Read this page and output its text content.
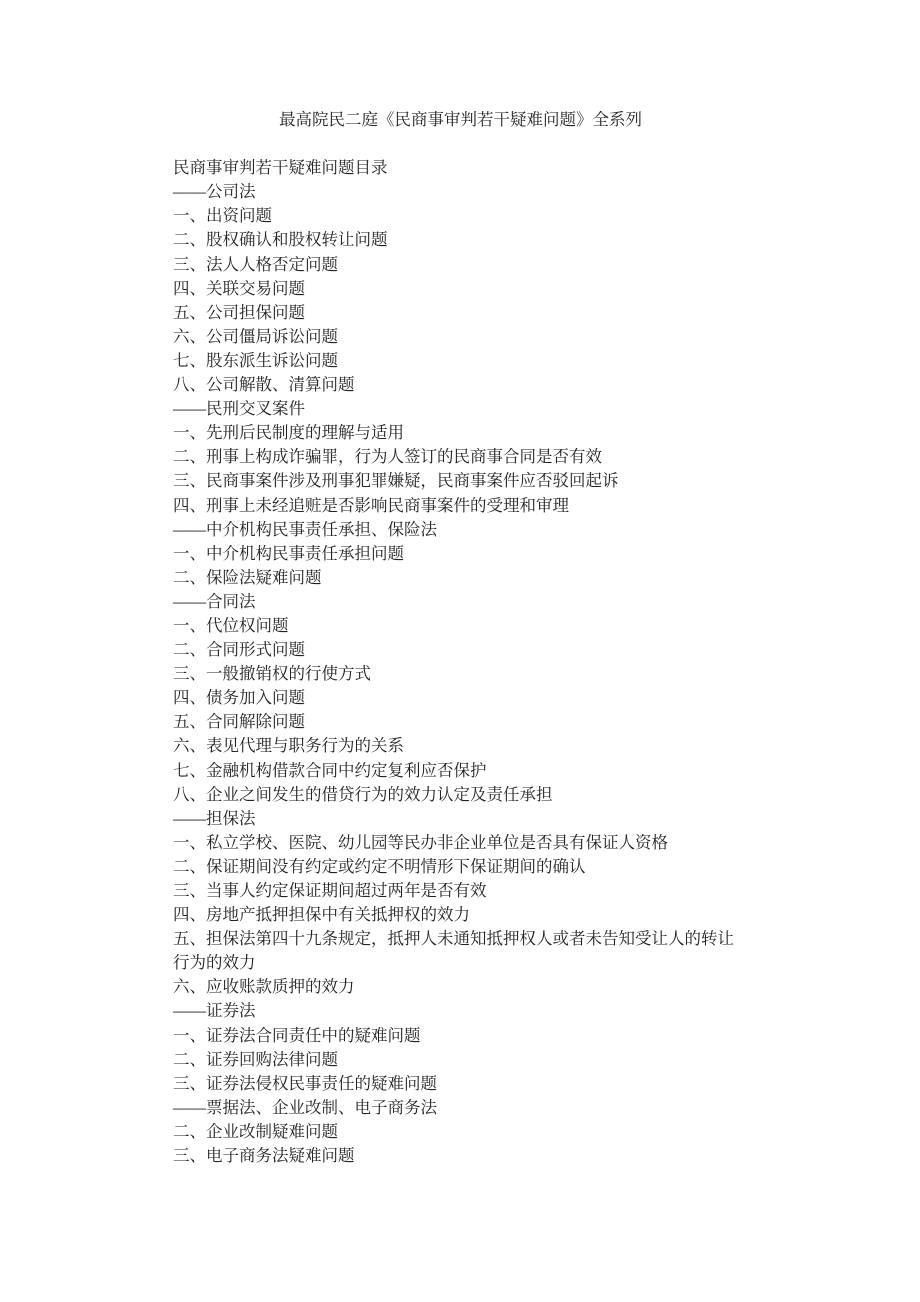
最高院民二庭《民商事审判若干疑难问题》全系列
民商事审判若干疑难问题目录
——公司法
一、出资问题
二、股权确认和股权转让问题
三、法人人格否定问题
四、关联交易问题
五、公司担保问题
六、公司僵局诉讼问题
七、股东派生诉讼问题
八、公司解散、清算问题
——民刑交叉案件
一、先刑后民制度的理解与适用
二、刑事上构成诈骗罪，行为人签订的民商事合同是否有效
三、民商事案件涉及刑事犯罪嫌疑，民商事案件应否驳回起诉
四、刑事上未经追赃是否影响民商事案件的受理和审理
——中介机构民事责任承担、保险法
一、中介机构民事责任承担问题
二、保险法疑难问题
——合同法
一、代位权问题
二、合同形式问题
三、一般撤销权的行使方式
四、债务加入问题
五、合同解除问题
六、表见代理与职务行为的关系
七、金融机构借款合同中约定复利应否保护
八、企业之间发生的借贷行为的效力认定及责任承担
——担保法
一、私立学校、医院、幼儿园等民办非企业单位是否具有保证人资格
二、保证期间没有约定或约定不明情形下保证期间的确认
三、当事人约定保证期间超过两年是否有效
四、房地产抵押担保中有关抵押权的效力
五、担保法第四十九条规定，抵押人未通知抵押权人或者未告知受让人的转让
行为的效力
六、应收账款质押的效力
——证券法
一、证券法合同责任中的疑难问题
二、证券回购法律问题
三、证券法侵权民事责任的疑难问题
——票据法、企业改制、电子商务法
二、企业改制疑难问题
三、电子商务法疑难问题
